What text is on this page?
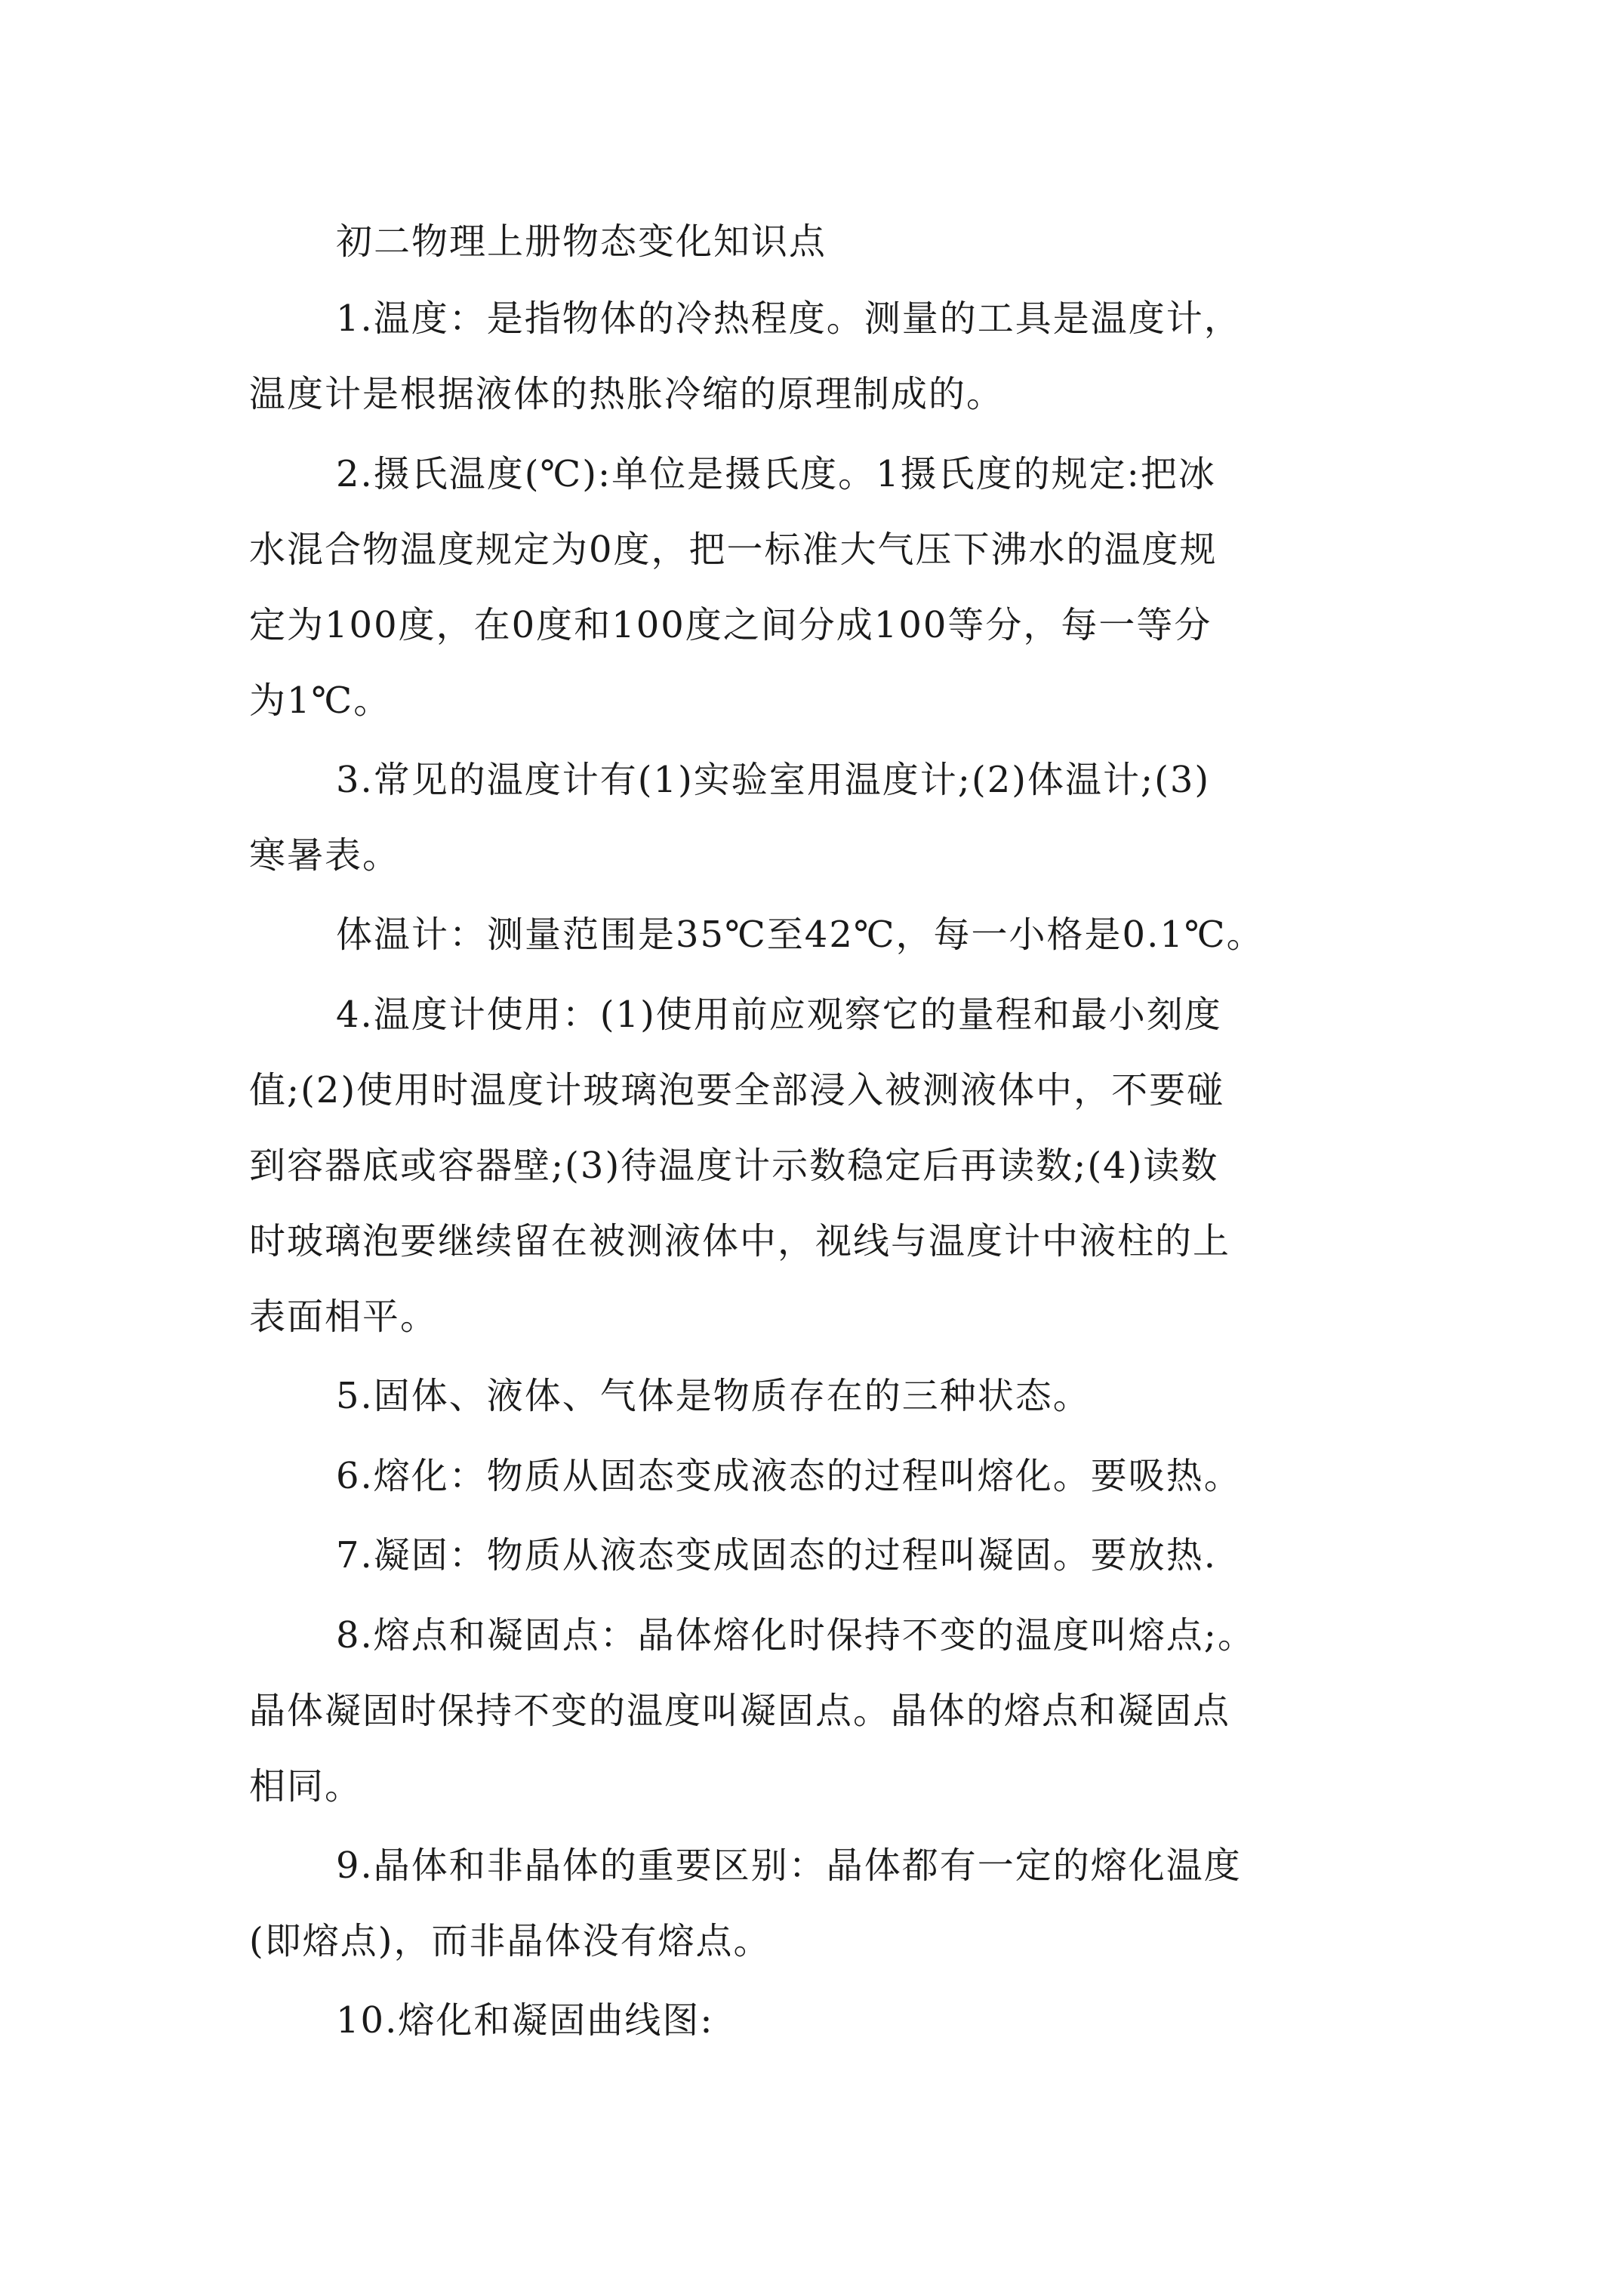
初二物理上册物态变化知识点
1.温度：是指物体的冷热程度。测量的工具是温度计，
温度计是根据液体的热胀冷缩的原理制成的。
2.摄氏温度(℃):单位是摄氏度。1摄氏度的规定:把冰
水混合物温度规定为0度，把一标准大气压下沸水的温度规
定为100度，在0度和100度之间分成100等分，每一等分
为1℃。
3.常见的温度计有(1)实验室用温度计;(2)体温计;(3)
寒暑表。
体温计：测量范围是35℃至42℃，每一小格是0.1℃。
4.温度计使用：(1)使用前应观察它的量程和最小刻度
值;(2)使用时温度计玻璃泡要全部浸入被测液体中，不要碰
到容器底或容器壁;(3)待温度计示数稳定后再读数;(4)读数
时玻璃泡要继续留在被测液体中，视线与温度计中液柱的上
表面相平。
5.固体、液体、气体是物质存在的三种状态。
6.熔化：物质从固态变成液态的过程叫熔化。要吸热。
7.凝固：物质从液态变成固态的过程叫凝固。要放热.
8.熔点和凝固点：晶体熔化时保持不变的温度叫熔点;。
晶体凝固时保持不变的温度叫凝固点。晶体的熔点和凝固点
相同。
9.晶体和非晶体的重要区别：晶体都有一定的熔化温度
(即熔点)，而非晶体没有熔点。
10.熔化和凝固曲线图:
